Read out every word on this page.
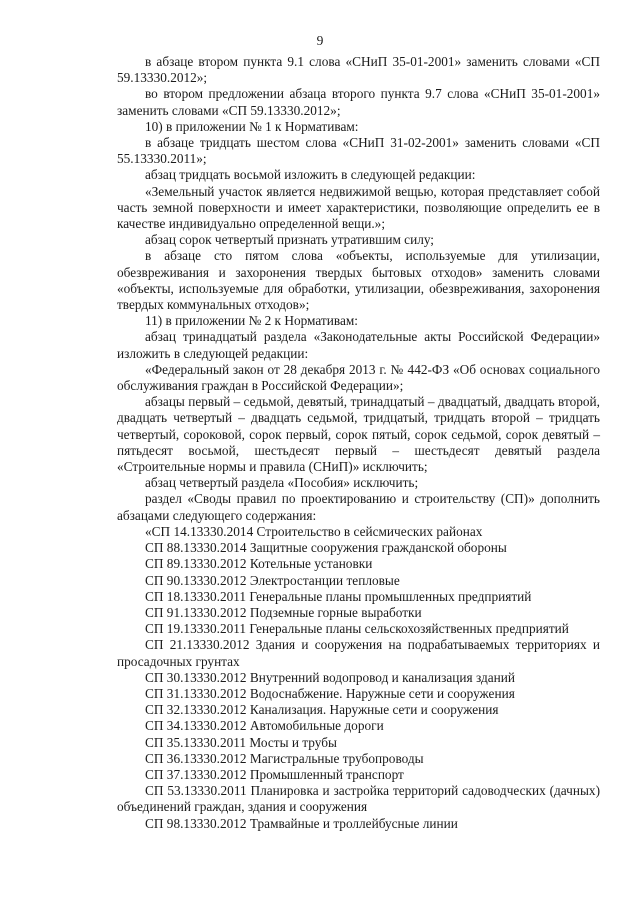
9

в абзаце втором пункта 9.1 слова «СНиП 35-01-2001» заменить словами «СП 59.13330.2012»;

во втором предложении абзаца второго пункта 9.7 слова «СНиП 35-01-2001» заменить словами «СП 59.13330.2012»;

10) в приложении № 1 к Нормативам:

в абзаце тридцать шестом слова «СНиП 31-02-2001» заменить словами «СП 55.13330.2011»;

абзац тридцать восьмой изложить в следующей редакции:

«Земельный участок является недвижимой вещью, которая представляет собой часть земной поверхности и имеет характеристики, позволяющие определить ее в качестве индивидуально определенной вещи.»;

абзац сорок четвертый признать утратившим силу;

в абзаце сто пятом слова «объекты, используемые для утилизации, обезвреживания и захоронения твердых бытовых отходов» заменить словами «объекты, используемые для обработки, утилизации, обезвреживания, захоронения твердых коммунальных отходов»;

11) в приложении № 2 к Нормативам:

абзац тринадцатый раздела «Законодательные акты Российской Федерации» изложить в следующей редакции:

«Федеральный закон от 28 декабря 2013 г. № 442-ФЗ «Об основах социального обслуживания граждан в Российской Федерации»;

абзацы первый – седьмой, девятый, тринадцатый – двадцатый, двадцать второй, двадцать четвертый – двадцать седьмой, тридцатый, тридцать второй – тридцать четвертый, сороковой, сорок первый, сорок пятый, сорок седьмой, сорок девятый – пятьдесят восьмой, шестьдесят первый – шестьдесят девятый раздела «Строительные нормы и правила (СНиП)» исключить;

абзац четвертый раздела «Пособия» исключить;

раздел «Своды правил по проектированию и строительству (СП)» дополнить абзацами следующего содержания:

«СП 14.13330.2014 Строительство в сейсмических районах

СП 88.13330.2014 Защитные сооружения гражданской обороны

СП 89.13330.2012 Котельные установки

СП 90.13330.2012 Электростанции тепловые

СП 18.13330.2011 Генеральные планы промышленных предприятий

СП 91.13330.2012 Подземные горные выработки

СП 19.13330.2011 Генеральные планы сельскохозяйственных предприятий

СП 21.13330.2012 Здания и сооружения на подрабатываемых территориях и просадочных грунтах

СП 30.13330.2012 Внутренний водопровод и канализация зданий

СП 31.13330.2012 Водоснабжение. Наружные сети и сооружения

СП 32.13330.2012 Канализация. Наружные сети и сооружения

СП 34.13330.2012 Автомобильные дороги

СП 35.13330.2011 Мосты и трубы

СП 36.13330.2012 Магистральные трубопроводы

СП 37.13330.2012 Промышленный транспорт

СП 53.13330.2011 Планировка и застройка территорий садоводческих (дачных) объединений граждан, здания и сооружения

СП 98.13330.2012 Трамвайные и троллейбусные линии
